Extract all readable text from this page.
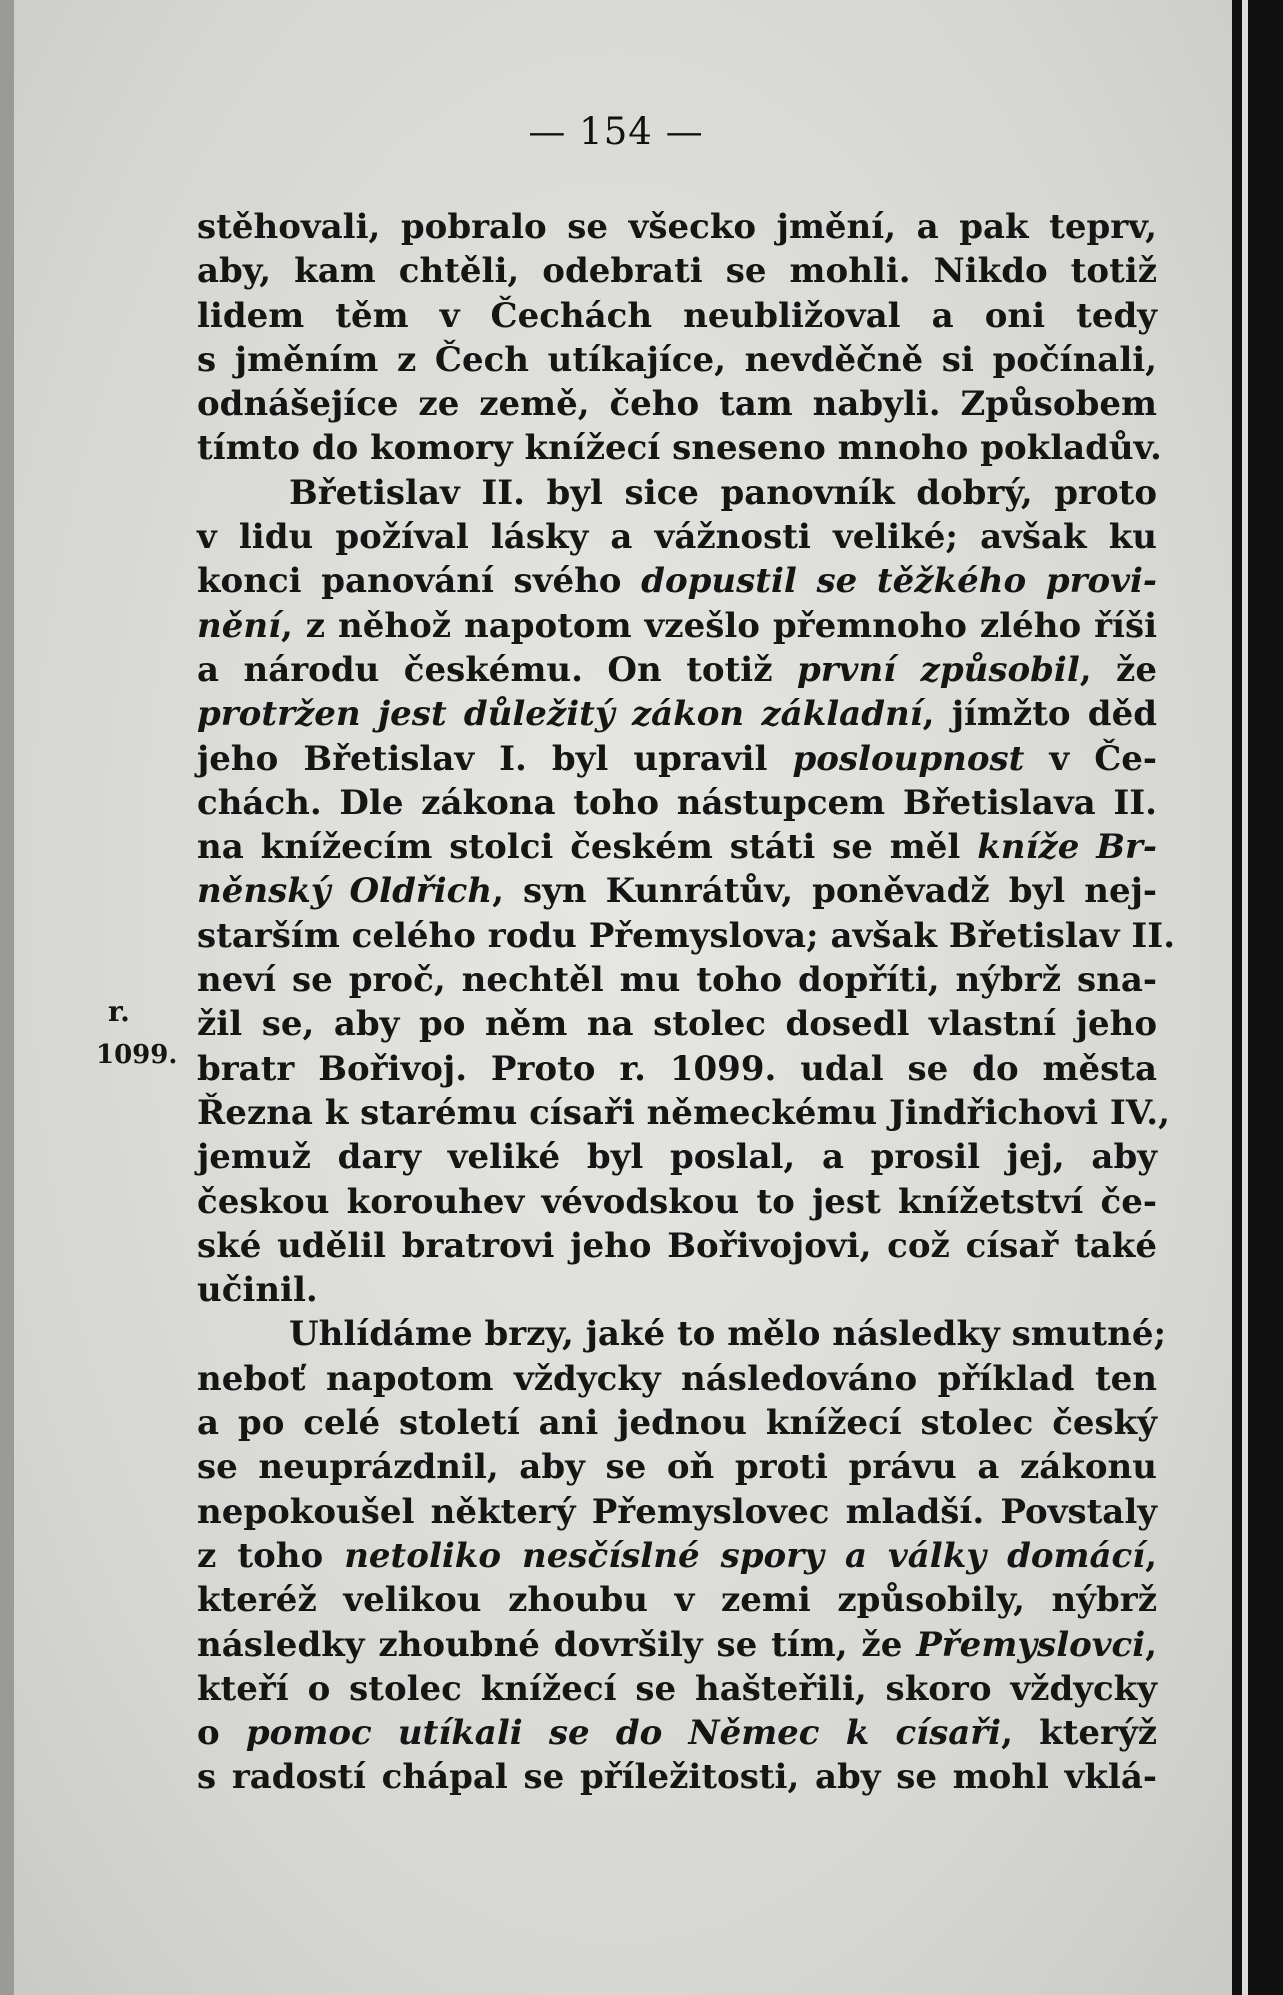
— 154 —
r.
1099.
stěhovali, pobralo se všecko jmění, a pak teprv,
aby, kam chtěli, odebrati se mohli. Nikdo totiž
lidem těm v Čechách neubližoval a oni tedy
s jměním z Čech utíkajíce, nevděčně si počínali,
odnášejíce ze země, čeho tam nabyli. Způsobem
tímto do komory knížecí sneseno mnoho pokladův.
Břetislav II. byl sice panovník dobrý, proto
v lidu požíval lásky a vážnosti veliké; avšak ku
konci panování svého dopustil se těžkého provi-
nění, z něhož napotom vzešlo přemnoho zlého říši
a národu českému. On totiž první způsobil, že
protržen jest důležitý zákon základní, jímžto děd
jeho Břetislav I. byl upravil posloupnost v Če-
chách. Dle zákona toho nástupcem Břetislava II.
na knížecím stolci českém státi se měl kníže Br-
něnský Oldřich, syn Kunrátův, poněvadž byl nej-
starším celého rodu Přemyslova; avšak Břetislav II.
neví se proč, nechtěl mu toho dopříti, nýbrž sna-
žil se, aby po něm na stolec dosedl vlastní jeho
bratr Bořivoj. Proto r. 1099. udal se do města
Řezna k starému císaři německému Jindřichovi IV.,
jemuž dary veliké byl poslal, a prosil jej, aby
českou korouhev vévodskou to jest knížetství če-
ské udělil bratrovi jeho Bořivojovi, což císař také
učinil.
Uhlídáme brzy, jaké to mělo následky smutné;
neboť napotom vždycky následováno příklad ten
a po celé století ani jednou knížecí stolec český
se neuprázdnil, aby se oň proti právu a zákonu
nepokoušel některý Přemyslovec mladší. Povstaly
z toho netoliko nesčíslné spory a války domácí,
kteréž velikou zhoubu v zemi způsobily, nýbrž
následky zhoubné dovršily se tím, že Přemyslovci,
kteří o stolec knížecí se hašteřili, skoro vždycky
o pomoc utíkali se do Němec k císaři, kterýž
s radostí chápal se příležitosti, aby se mohl vklá-
